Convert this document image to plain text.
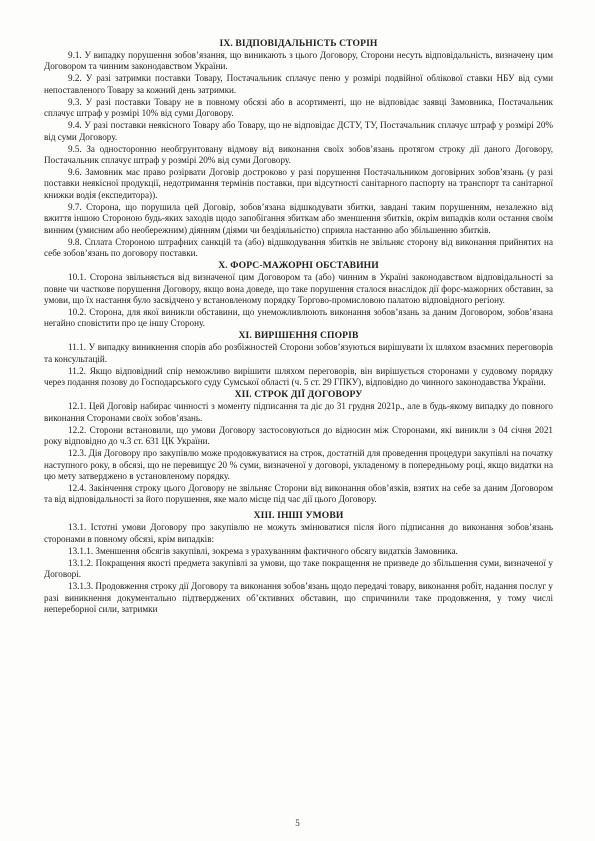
IX. ВІДПОВІДАЛЬНІСТЬ СТОРІН

9.1. У випадку порушення зобов’язання, що виникають з цього Договору, Сторони несуть відповідальність, визначену цим Договором та чинним законодавством України.

9.2. У разі затримки поставки Товару, Постачальник сплачує пеню у розмірі подвійної облікової ставки НБУ від суми непоставленого Товару за кожний день затримки.

9.3. У разі поставки Товару не в повному обсязі або в асортименті, що не відповідає заявці Замовника, Постачальник сплачує штраф у розмірі 10% від суми Договору.

9.4. У разі поставки неякісного Товару або Товару, що не відповідає ДСТУ, ТУ, Постачальник сплачує штраф у розмірі 20% від суми Договору.

9.5. За односторонню необгрунтовану відмову від виконання своїх зобов’язань протягом строку дії даного Договору, Постачальник сплачує штраф у розмірі 20% від суми Договору.

9.6. Замовник має право розірвати Договір достроково у разі порушення Постачальником договірних зобов’язань (у разі поставки неякісної продукції, недотримання термінів поставки, при відсутності санітарного паспорту на транспорт та санітарної книжки водія (експедитора)).

9.7. Сторона, що порушила цей Договір, зобов’язана відшкодувати збитки, завдані таким порушенням, незалежно від вжиття іншою Стороною будь-яких заходів щодо запобігання збиткам або зменшення збитків, окрім випадків коли остання своїм винним (умисним або необережним) діянням (діями чи бездіяльністю) сприяла настанню або збільшенню збитків.

9.8. Сплата Стороною штрафних санкцій та (або) відшкодування збитків не звільняє сторону від виконання прийнятих на себе зобов’язань по договору поставки.

X. ФОРС-МАЖОРНІ ОБСТАВИНИ

10.1. Сторона звільняється від визначеної цим Договором та (або) чинним в Україні законодавством відповідальності за повне чи часткове порушення Договору, якщо вона доведе, що таке порушення сталося внаслідок дії форс-мажорних обставин, за умови, що їх настання було засвідчено у встановленому порядку Торгово-промисловою палатою відповідного регіону.

10.2. Сторона, для якої виникли обставини, що унеможливлюють виконання зобов’язань за даним Договором, зобов’язана негайно сповістити про це іншу Сторону.

XI. ВИРІШЕННЯ СПОРІВ

11.1. У випадку виникнення спорів або розбіжностей Сторони зобов’язуються вирішувати їх шляхом взаємних переговорів та консультацій.

11.2. Якщо відповідний спір неможливо вирішити шляхом переговорів, він вирішується сторонами у судовому порядку через подання позову до Господарського суду Сумської області (ч. 5 ст. 29 ГПКУ), відповідно до чинного законодавства України.

XII. СТРОК ДІЇ ДОГОВОРУ

12.1. Цей Договір набирає чинності з моменту підписання та діє до 31 грудня 2021р., але в будь-якому випадку до повного виконання Сторонами своїх зобов’язань.

12.2. Сторони встановили, що умови Договору застосовуються до відносин між Сторонами, які виникли з 04 січня 2021 року відповідно до ч.3 ст. 631 ЦК України.

12.3. Дія Договору про закупівлю може продовжуватися на строк, достатній для проведення процедури закупівлі на початку наступного року, в обсязі, що не перевищує 20 % суми, визначеної у договорі, укладеному в попередньому році, якщо видатки на цю мету затверджено в установленому порядку.

12.4. Закінчення строку цього Договору не звільняє Сторони від виконання обов’язків, взятих на себе за даним Договором та від відповідальності за його порушення, яке мало місце під час дії цього Договору.

XIII. ІНШІ УМОВИ

13.1. Істотні умови Договору про закупівлю не можуть змінюватися після його підписання до виконання зобов’язань сторонами в повному обсязі, крім випадків:

13.1.1. Зменшення обсягів закупівлі, зокрема з урахуванням фактичного обсягу видатків Замовника.

13.1.2. Покращення якості предмета закупівлі за умови, що таке покращення не призведе до збільшення суми, визначеної у Договорі.

13.1.3. Продовження строку дії Договору та виконання зобов’язань щодо передачі товару, виконання робіт, надання послуг у разі виникнення документально підтверджених об’єктивних обставин, що спричинили таке продовження, у тому числі непереборної сили, затримки

5
